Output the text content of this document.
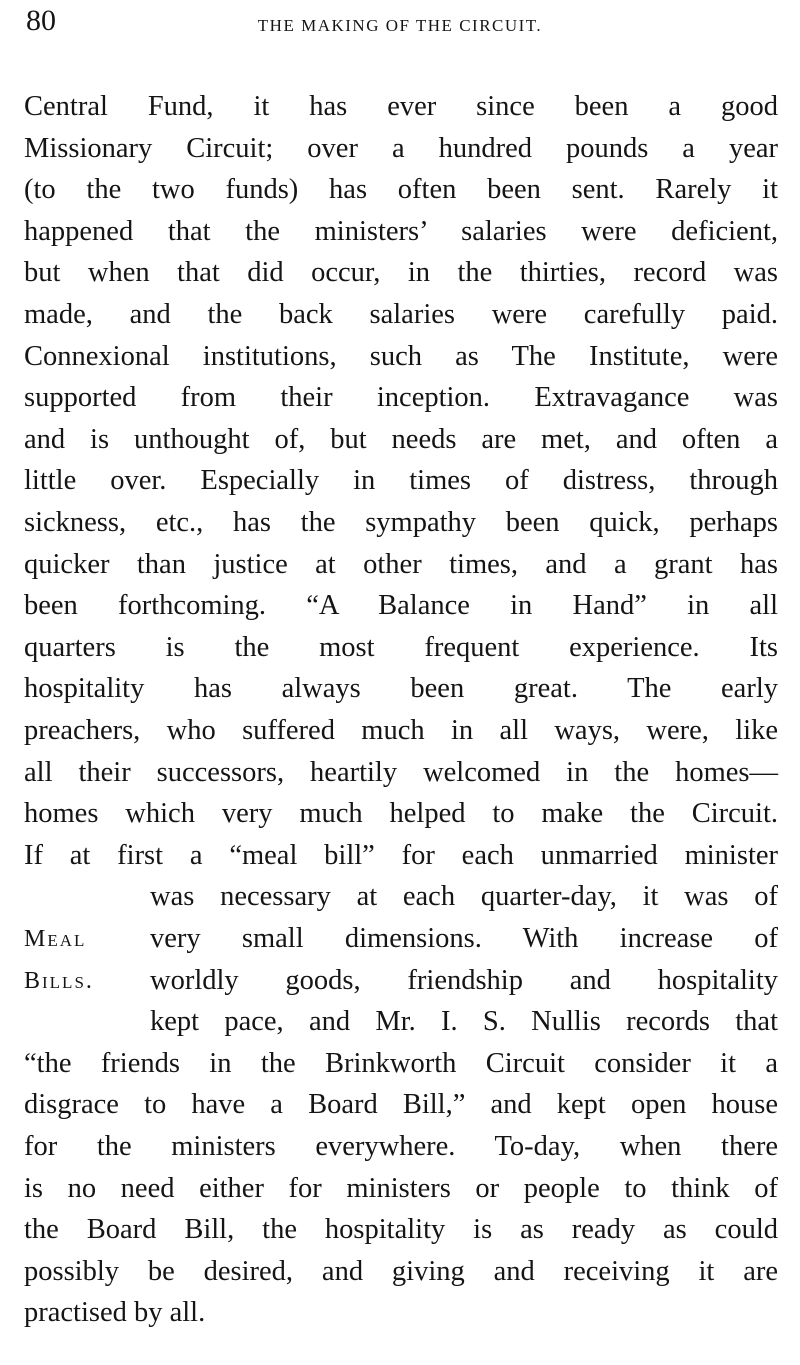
80	THE MAKING OF THE CIRCUIT.
Central Fund, it has ever since been a good
Missionary Circuit; over a hundred pounds a year
(to the two funds) has often been sent. Rarely it
happened that the ministers’ salaries were deficient,
but when that did occur, in the thirties, record was
made, and the back salaries were carefully paid.
Connexional institutions, such as The Institute, were
supported from their inception. Extravagance was
and is unthought of, but needs are met, and often a
little over. Especially in times of distress, through
sickness, etc., has the sympathy been quick, perhaps
quicker than justice at other times, and a grant has
been forthcoming. “A Balance in Hand” in all
quarters is the most frequent experience. Its
hospitality has always been great. The early
preachers, who suffered much in all ways, were, like
all their successors, heartily welcomed in the homes—
homes which very much helped to make the Circuit.
If at first a “meal bill” for each unmarried minister
was necessary at each quarter-day, it was of
very small dimensions. With increase of
worldly goods, friendship and hospitality
kept pace, and Mr. I. S. Nullis records that
“the friends in the Brinkworth Circuit consider it a
disgrace to have a Board Bill,” and kept open house
for the ministers everywhere. To-day, when there
is no need either for ministers or people to think of
the Board Bill, the hospitality is as ready as could
possibly be desired, and giving and receiving it are
practised by all.
Meal
Bills.
